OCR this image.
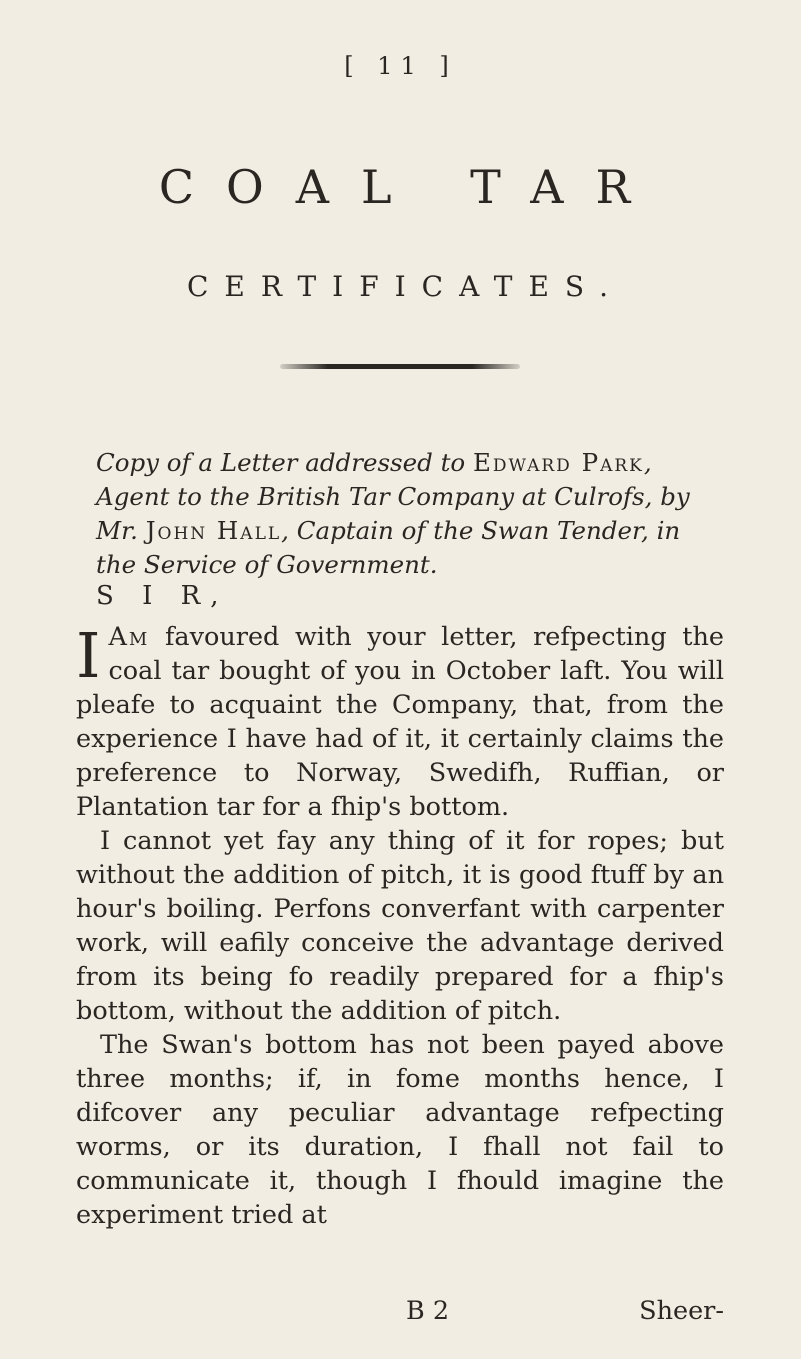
[ 11 ]
COAL TAR
CERTIFICATES.
Copy of a Letter addressed to Edward Park, Agent to the British Tar Company at Culrofs, by Mr. John Hall, Captain of the Swan Tender, in the Service of Government.
S I R,

I Am favoured with your letter, refpecting the coal tar bought of you in October laft. You will pleafe to acquaint the Company, that, from the experience I have had of it, it certainly claims the preference to Norway, Swedifh, Ruffian, or Plantation tar for a fhip's bottom.

I cannot yet fay any thing of it for ropes; but without the addition of pitch, it is good ftuff by an hour's boiling. Perfons converfant with carpenter work, will eafily conceive the advantage derived from its being fo readily prepared for a fhip's bottom, without the addition of pitch.

The Swan's bottom has not been payed above three months; if, in fome months hence, I difcover any peculiar advantage refpecting worms, or its duration, I fhall not fail to communicate it, though I fhould imagine the experiment tried at

B 2	Sheer-
